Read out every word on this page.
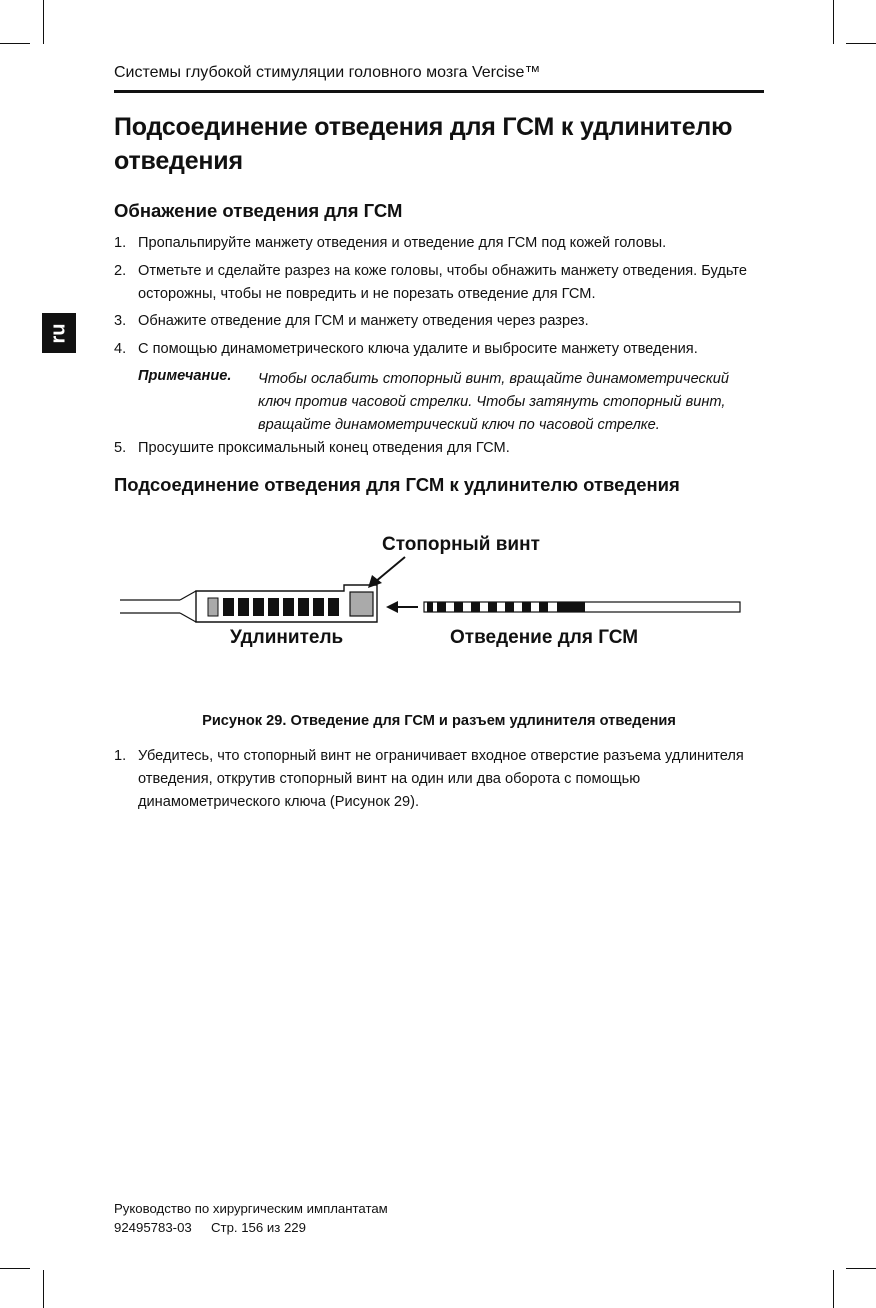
Системы глубокой стимуляции головного мозга Vercise™
ru
Подсоединение отведения для ГСМ к удлинителю отведения
Обнажение отведения для ГСМ
1. Пропальпируйте манжету отведения и отведение для ГСМ под кожей головы.
2. Отметьте и сделайте разрез на коже головы, чтобы обнажить манжету отведения. Будьте осторожны, чтобы не повредить и не порезать отведение для ГСМ.
3. Обнажите отведение для ГСМ и манжету отведения через разрез.
4. С помощью динамометрического ключа удалите и выбросите манжету отведения.
Примечание. Чтобы ослабить стопорный винт, вращайте динамометрический ключ против часовой стрелки. Чтобы затянуть стопорный винт, вращайте динамометрический ключ по часовой стрелке.
5. Просушите проксимальный конец отведения для ГСМ.
Подсоединение отведения для ГСМ к удлинителю отведения
Стопорный винт
Удлинитель	Отведение для ГСМ
Рисунок 29. Отведение для ГСМ и разъем удлинителя отведения
1. Убедитесь, что стопорный винт не ограничивает входное отверстие разъема удлинителя отведения, открутив стопорный винт на один или два оборота с помощью динамометрического ключа (Рисунок 29).
Руководство по хирургическим имплантатам
92495783-03 Стр. 156 из 229
